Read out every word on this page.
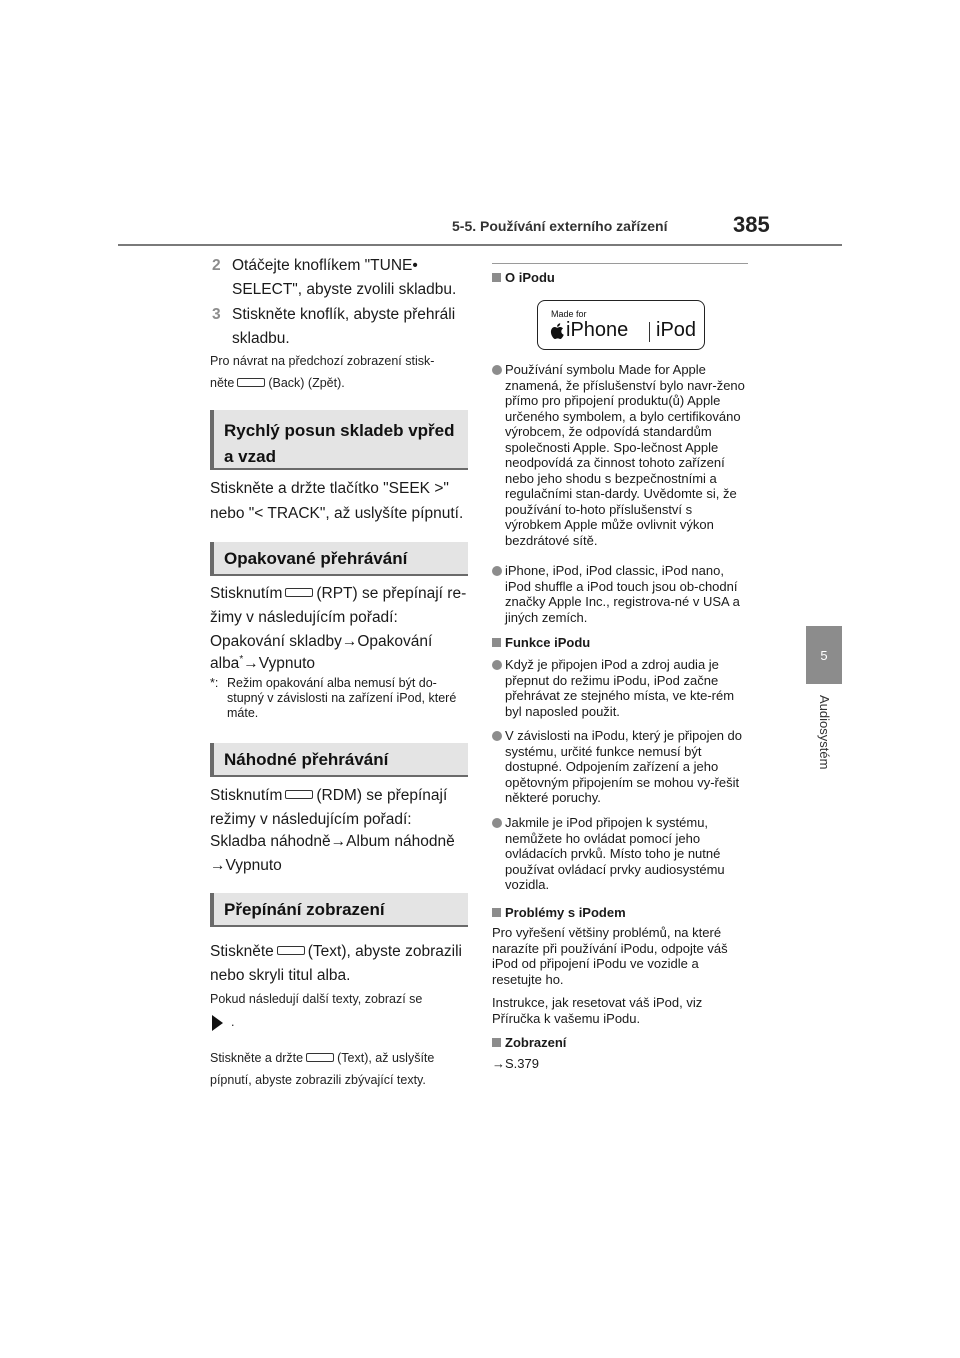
5-5. Používání externího zařízení	385
5
Audiosystém
2 Otáčejte knoflíkem "TUNE• SELECT", abyste zvolili skladbu.
3 Stiskněte knoflík, abyste přehráli skladbu.
Pro návrat na předchozí zobrazení stisk-
něte	(Back) (Zpět).
Rychlý posun skladeb vpřed a vzad
Stiskněte a držte tlačítko "SEEK >" nebo "< TRACK", až uslyšíte pípnutí.
Opakované přehrávání
Stisknutím (RPT) se přepínají re-
žimy v následujícím pořadí:
Opakování skladby→Opakování
alba*→Vypnuto
*: Režim opakování alba nemusí být do-stupný v závislosti na zařízení iPod, které máte.
Náhodné přehrávání
Stisknutím (RDM) se přepínají
režimy v následujícím pořadí:
Skladba náhodně→Album náhodně
→Vypnuto
Přepínání zobrazení
Stiskněte (Text), abyste zobrazili
nebo skryli titul alba.
Pokud následují další texty, zobrazí se
.
Stiskněte a držte	(Text), až uslyšíte
pípnutí, abyste zobrazili zbývající texty.
O iPodu
Made for
iPhone iPod
Používání symbolu Made for Apple znamená, že příslušenství bylo navr-ženo přímo pro připojení produktu(ů) Apple určeného symbolem, a bylo certifikováno výrobcem, že odpovídá standardům společnosti Apple. Spo-lečnost Apple neodpovídá za činnost tohoto zařízení nebo jeho shodu s bezpečnostními a regulačními stan-dardy. Uvědomte si, že používání to-hoto příslušenství s výrobkem Apple může ovlivnit výkon bezdrátové sítě.
iPhone, iPod, iPod classic, iPod nano, iPod shuffle a iPod touch jsou ob-chodní značky Apple Inc., registrova-né v USA a jiných zemích.
Funkce iPodu
Když je připojen iPod a zdroj audia je přepnut do režimu iPodu, iPod začne přehrávat ze stejného místa, ve kte-rém byl naposled použit.
V závislosti na iPodu, který je připojen do systému, určité funkce nemusí být dostupné. Odpojením zařízení a jeho opětovným připojením se mohou vy-řešit některé poruchy.
Jakmile je iPod připojen k systému, nemůžete ho ovládat pomocí jeho ovládacích prvků. Místo toho je nutné používat ovládací prvky audiosystému vozidla.
Problémy s iPodem
Pro vyřešení většiny problémů, na které narazíte při používání iPodu, odpojte váš iPod od připojení iPodu ve vozidle a resetujte ho.
Instrukce, jak resetovat váš iPod, viz Příručka k vašemu iPodu.
Zobrazení
→S.379
